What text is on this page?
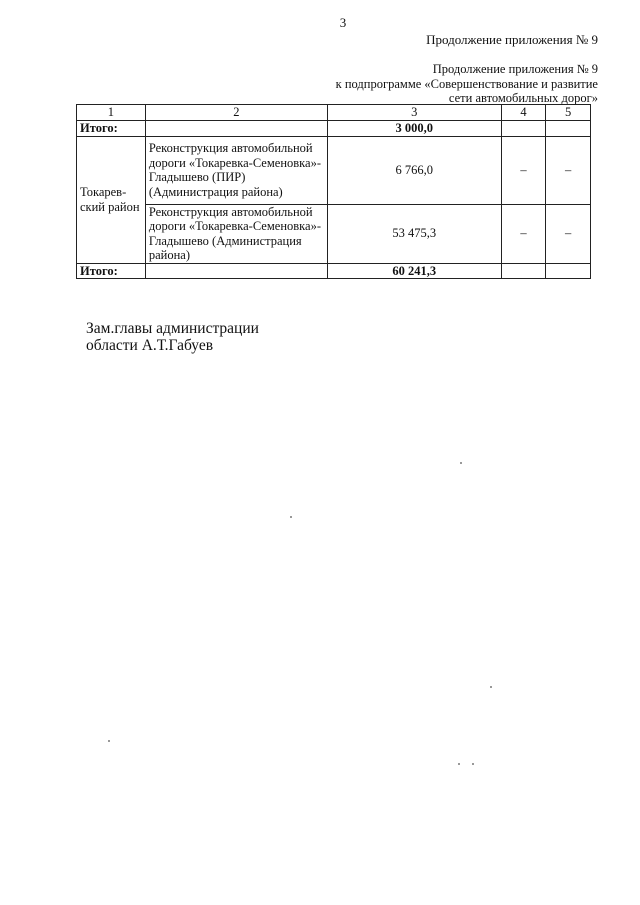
3
Продолжение приложения № 9
Продолжение приложения № 9
к подпрограмме «Совершенствование и развитие
сети автомобильных дорог»
1	2	3	4	5
Итого:		3 000,0		
Токарев-ский район	Реконструкция автомобильной дороги «Токаревка-Семеновка»- Гладышево (ПИР) (Администрация района)	6 766,0	–	–
	Реконструкция автомобильной дороги «Токаревка-Семеновка»- Гладышево (Администрация района)	53 475,3	–	–
Итого:		60 241,3		
Зам.главы администрации
области А.Т.Габуев
